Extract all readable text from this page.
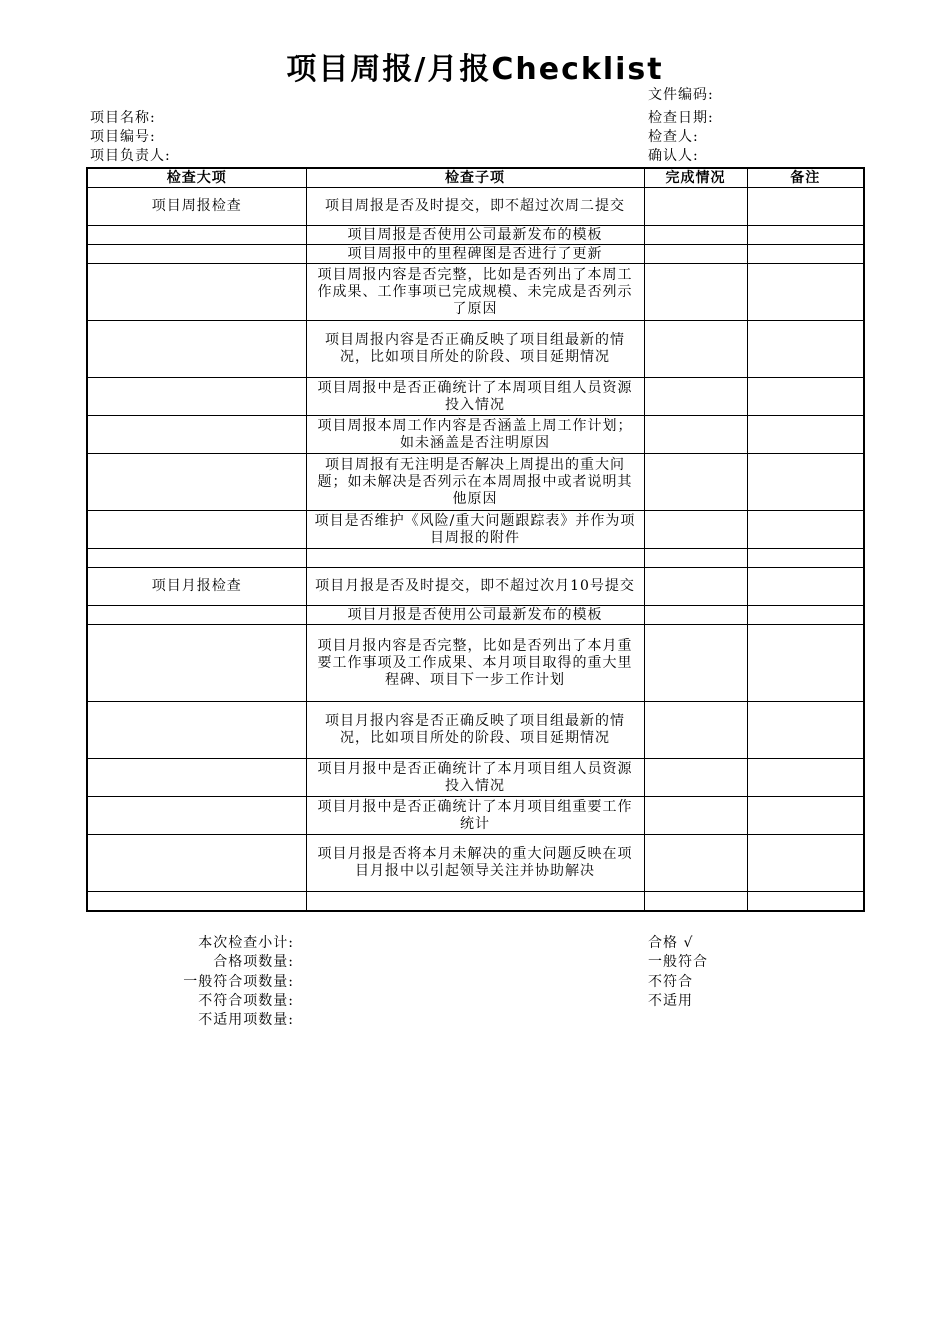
项目周报/月报Checklist
文件编码:
检查日期:
检查人:
确认人:
项目名称:
项目编号:
项目负责人:
检查大项	检查子项	完成情况	备注
项目周报检查	项目周报是否及时提交，即不超过次周二提交		
	项目周报是否使用公司最新发布的模板		
	项目周报中的里程碑图是否进行了更新		
	项目周报内容是否完整，比如是否列出了本周工作成果、工作事项已完成规模、未完成是否列示了原因		
	项目周报内容是否正确反映了项目组最新的情况，比如项目所处的阶段、项目延期情况		
	项目周报中是否正确统计了本周项目组人员资源投入情况		
	项目周报本周工作内容是否涵盖上周工作计划；如未涵盖是否注明原因		
	项目周报有无注明是否解决上周提出的重大问题；如未解决是否列示在本周周报中或者说明其他原因		
	项目是否维护《风险/重大问题跟踪表》并作为项目周报的附件		

项目月报检查	项目月报是否及时提交，即不超过次月10号提交		
	项目月报是否使用公司最新发布的模板		
	项目月报内容是否完整，比如是否列出了本月重要工作事项及工作成果、本月项目取得的重大里程碑、项目下一步工作计划		
	项目月报内容是否正确反映了项目组最新的情况，比如项目所处的阶段、项目延期情况		
	项目月报中是否正确统计了本月项目组人员资源投入情况		
	项目月报中是否正确统计了本月项目组重要工作统计		
	项目月报是否将本月未解决的重大问题反映在项目月报中以引起领导关注并协助解决		

本次检查小计:
合格项数量:
一般符合项数量:
不符合项数量:
不适用项数量:
合格 √
一般符合
不符合
不适用
